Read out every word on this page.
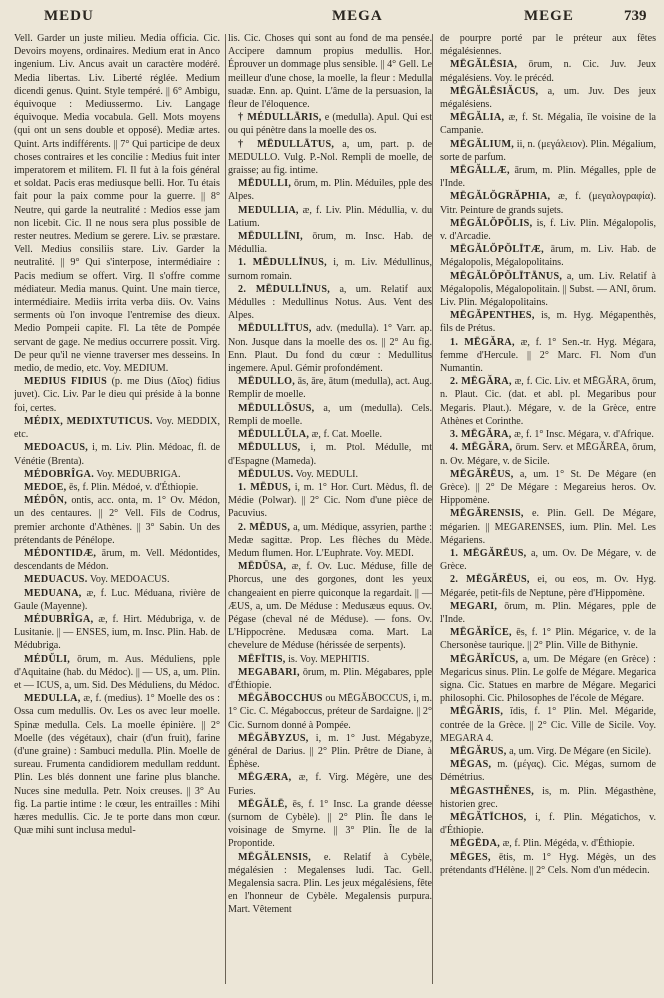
MEDU	MEGA	MEGE	739

Vell. Garder un juste milieu. Media officia. Cic. Devoirs moyens, ordinaires. Medium erat in Anco ingenium. Liv. Ancus avait un caractère modéré. Media libertas. Liv. Liberté réglée. Medium dicendi genus. Quint. Style tempéré. || 6° Ambigu, équivoque : Mediussermo. Liv. Langage équivoque. Media vocabula. Gell. Mots moyens (qui ont un sens double et opposé). Mediæ artes. Quint. Arts indifférents. || 7° Qui participe de deux choses contraires et les concilie : Medius fuit inter imperatorem et militem. Fl. Il fut à la fois général et soldat. Pacis eras mediusque belli. Hor. Tu étais fait pour la paix comme pour la guerre. || 8° Neutre, qui garde la neutralité : Medios esse jam non licebit. Cic. Il ne nous sera plus possible de rester neutres. Medium se gerere. Liv. se præstare. Vell. Medius consiliis stare. Liv. Garder la neutralité. || 9° Qui s'interpose, intermédiaire : Pacis medium se offert. Virg. Il s'offre comme médiateur. Media manus. Quint. Une main tierce, intermédiaire. Mediis irrita verba diis. Ov. Vains serments où l'on invoque l'entremise des dieux. Medio Pompeii capite. Fl. La tête de Pompée servant de gage. Ne medius occurrere possit. Virg. De peur qu'il ne vienne traverser mes desseins. In medio, de medio, etc. Voy. MEDIUM.

MEDIUS FIDIUS (p. me Dius (Δῖος) fidius juvet). Cic. Liv. Par le dieu qui préside à la bonne foi, certes.

MÉDIX, MEDIXTUTICUS. Voy. MEDDIX, etc.

MEDOACUS, i, m. Liv. Plin. Médoac, fl. de Vénétie (Brenta).

MÉDOBRÎGA. Voy. MEDUBRIGA.

MEDOE, ēs, f. Plin. Médoé, v. d'Éthiopie.

MÉDŌN, ontis, acc. onta, m. 1° Ov. Médon, un des centaures. || 2° Vell. Fils de Codrus, premier archonte d'Athènes. || 3° Sabin. Un des prétendants de Pénélope.

MÉDONTIDÆ, ārum, m. Vell. Médontides, descendants de Médon.

MEDUACUS. Voy. MEDOACUS.

MEDUANA, æ, f. Luc. Méduana, rivière de Gaule (Mayenne).

MÉDUBRÎGA, æ, f. Hirt. Médubriga, v. de Lusitanie. || — ENSES, ium, m. Insc. Plin. Hab. de Médubriga.

MÉDŬLI, ōrum, m. Aus. Méduliens, pple d'Aquitaine (hab. du Médoc). || — US, a, um. Plin. et — ICUS, a, um. Sid. Des Méduliens, du Médoc.

MEDULLA, æ, f. (medius). 1° Moelle des os : Ossa cum medullis. Ov. Les os avec leur moelle. Spinæ medulla. Cels. La moelle épinière. || 2° Moelle (des végétaux), chair (d'un fruit), farine (d'une graine) : Sambuci medulla. Plin. Moelle de sureau. Frumenta candidiorem medullam reddunt. Plin. Les blés donnent une farine plus blanche. Nuces sine medulla. Petr. Noix creuses. || 3° Au fig. La partie intime : le cœur, les entrailles : Mihi hæres medullis. Cic. Je te porte dans mon cœur. Quæ mihi sunt inclusa medul-

lis. Cic. Choses qui sont au fond de ma pensée. Accipere damnum propius medullis. Hor. Éprouver un dommage plus sensible. || 4° Gell. Le meilleur d'une chose, la moelle, la fleur : Medulla suadæ. Enn. ap. Quint. L'âme de la persuasion, la fleur de l'éloquence.

† MÉDULLĀRIS, e (medulla). Apul. Qui est ou qui pénètre dans la moelle des os.

† MĒDULLĀTUS, a, um, part. p. de MEDULLO. Vulg. P.-Nol. Rempli de moelle, de graisse; au fig. intime.

MĒDULLI, ōrum, m. Plin. Méduiles, pple des Alpes.

MEDULLIA, æ, f. Liv. Plin. Médullia, v. du Latium.

MĒDULLĪNI, ōrum, m. Insc. Hab. de Médullia.

1. MĒDULLĪNUS, i, m. Liv. Médullinus, surnom romain.

2. MĒDULLĪNUS, a, um. Relatif aux Médulles : Medullinus Notus. Aus. Vent des Alpes.

MĒDULLĪTUS, adv. (medulla). 1° Varr. ap. Non. Jusque dans la moelle des os. || 2° Au fig. Enn. Plaut. Du fond du cœur : Medullitus ingemere. Apul. Gémir profondément.

MĒDULLO, ās, āre, ātum (medulla), act. Aug. Remplir de moelle.

MĒDULLŌSUS, a, um (medulla). Cels. Rempli de moelle.

MĒDULLŬLA, æ, f. Cat. Moelle.

MĒDULLUS, i, m. Ptol. Médulle, mt d'Espagne (Mameda).

MĒDULUS. Voy. MEDULI.

1. MĒDUS, i, m. 1° Hor. Curt. Mèdus, fl. de Médie (Polwar). || 2° Cic. Nom d'une pièce de Pacuvius.

2. MĒDUS, a, um. Médique, assyrien, parthe : Medæ sagittæ. Prop. Les flèches du Mède. Medum flumen. Hor. L'Euphrate. Voy. MEDI.

MĒDŪSA, æ, f. Ov. Luc. Méduse, fille de Phorcus, une des gorgones, dont les yeux changeaient en pierre quiconque la regardait. || — ÆUS, a, um. De Méduse : Medusæus equus. Ov. Pégase (cheval né de Méduse). — fons. Ov. L'Hippocrène. Medusæa coma. Mart. La chevelure de Méduse (hérissée de serpents).

MĒFĪTIS, is. Voy. MEPHITIS.

MEGABARI, ōrum, m. Plin. Mégabares, pple d'Éthiopie.

MĒGĂBOCCHUS ou MĒGĂBOCCUS, i, m. 1° Cic. C. Mégaboccus, préteur de Sardaigne. || 2° Cic. Surnom donné à Pompée.

MĒGĂBYZUS, i, m. 1° Just. Mégabyze, général de Darius. || 2° Plin. Prêtre de Diane, à Éphèse.

MĒGÆRA, æ, f. Virg. Mégère, une des Furies.

MĒGĂLĒ, ēs, f. 1° Insc. La grande déesse (surnom de Cybèle). || 2° Plin. Île dans le voisinage de Smyrne. || 3° Plin. Île de la Propontide.

MĒGĂLENSIS, e. Relatif à Cybèle, mégalésien : Megalenses ludi. Tac. Gell. Megalensia sacra. Plin. Les jeux mégalésiens, fête en l'honneur de Cybèle. Megalensis purpura. Mart. Vêtement

de pourpre porté par le préteur aux fêtes mégalésiennes.

MĒGĂLĒSIA, ōrum, n. Cic. Juv. Jeux mégalésiens. Voy. le précéd.

MĒGĂLĒSIĂCUS, a, um. Juv. Des jeux mégalésiens.

MĒGĂLIA, æ, f. St. Mégalia, île voisine de la Campanie.

MĒGĂLIUM, ii, n. (μεγάλειον). Plin. Mégalium, sorte de parfum.

MĒGĂLLÆ, ārum, m. Plin. Mégalles, pple de l'Inde.

MĒGĂLŎGRĂPHIA, æ, f. (μεγαλογραφία). Vitr. Peinture de grands sujets.

MĒGĂLŎPŎLIS, is, f. Liv. Plin. Mégalopolis, v. d'Arcadie.

MĒGĂLŎPŎLĪTÆ, ārum, m. Liv. Hab. de Mégalopolis, Mégalopolitains.

MĒGĂLŎPŎLĪTĀNUS, a, um. Liv. Relatif à Mégalopolis, Mégalopolitain. || Subst. — ANI, ōrum. Liv. Plin. Mégalopolitains.

MĒGĂPENTHES, is, m. Hyg. Mégapenthès, fils de Prétus.

1. MĒGĂRA, æ, f. 1° Sen.-tr. Hyg. Mégara, femme d'Hercule. || 2° Marc. Fl. Nom d'un Numantin.

2. MĒGĂRA, æ, f. Cic. Liv. et MĒGĂRA, ōrum, n. Plaut. Cic. (dat. et abl. pl. Megaribus pour Megaris. Plaut.). Mégare, v. de la Grèce, entre Athènes et Corinthe.

3. MĒGĂRA, æ, f. 1° Insc. Mégara, v. d'Afrique.

4. MĒGĂRA, ōrum. Serv. et MĒGĂRĒA, ōrum, n. Ov. Mégare, v. de Sicile.

MĒGĂRĒUS, a, um. 1° St. De Mégare (en Grèce). || 2° De Mégare : Megareius heros. Ov. Hippomène.

MĒGĂRENSIS, e. Plin. Gell. De Mégare, mégarien. || MEGARENSES, ium. Plin. Mel. Les Mégariens.

1. MĒGĂRĒUS, a, um. Ov. De Mégare, v. de Grèce.

2. MĒGĂRĒUS, ei, ou eos, m. Ov. Hyg. Mégarée, petit-fils de Neptune, père d'Hippomène.

MEGARI, ōrum, m. Plin. Mégares, pple de l'Inde.

MĒGĂRĬCE, ēs, f. 1° Plin. Mégarice, v. de la Chersonèse taurique. || 2° Plin. Ville de Bithynie.

MĒGĂRĬCUS, a, um. De Mégare (en Grèce) : Megaricus sinus. Plin. Le golfe de Mégare. Megarica signa. Cic. Statues en marbre de Mégare. Megarici philosophi. Cic. Philosophes de l'école de Mégare.

MĒGĂRIS, ĭdis, f. 1° Plin. Mel. Mégaride, contrée de la Grèce. || 2° Cic. Ville de Sicile. Voy. MEGARA 4.

MĒGĂRUS, a, um. Virg. De Mégare (en Sicile).

MĒGAS, m. (μέγας). Cic. Mégas, surnom de Démétrius.

MĒGASTHĔNES, is, m. Plin. Mégasthène, historien grec.

MĒGĂTĪCHOS, i, f. Plin. Mégatichos, v. d'Éthiopie.

MĒGĒDA, æ, f. Plin. Mégéda, v. d'Éthiopie.

MĒGES, ētis, m. 1° Hyg. Mégès, un des prétendants d'Hélène. || 2° Cels. Nom d'un médecin.
